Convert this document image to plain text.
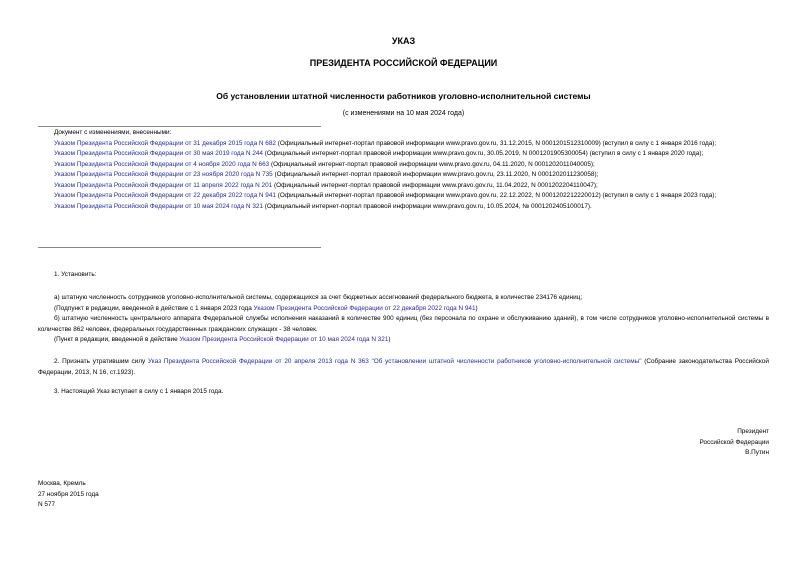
УКАЗ
ПРЕЗИДЕНТА РОССИЙСКОЙ ФЕДЕРАЦИИ
Об установлении штатной численности работников уголовно-исполнительной системы
(с изменениями на 10 мая 2024 года)
Документ с изменениями, внесенными:
Указом Президента Российской Федерации от 31 декабря 2015 года N 682 (Официальный интернет-портал правовой информации www.pravo.gov.ru, 31.12.2015, N 0001201512310009) (вступил в силу с 1 января 2016 года);
Указом Президента Российской Федерации от 30 мая 2019 года N 244 (Официальный интернет-портал правовой информации www.pravo.gov.ru, 30.05.2019, N 0001201905300054) (вступил в силу с 1 января 2020 года);
Указом Президента Российской Федерации от 4 ноября 2020 года N 663 (Официальный интернет-портал правовой информации www.pravo.gov.ru, 04.11.2020, N 0001202011040005);
Указом Президента Российской Федерации от 23 ноября 2020 года N 735 (Официальный интернет-портал правовой информации www.pravo.gov.ru, 23.11.2020, N 0001202011230058);
Указом Президента Российской Федерации от 11 апреля 2022 года N 201 (Официальный интернет-портал правовой информации www.pravo.gov.ru, 11.04.2022, N 0001202204110047);
Указом Президента Российской Федерации от 22 декабря 2022 года N 941 (Официальный интернет-портал правовой информации www.pravo.gov.ru, 22.12.2022, N 0001202212220012) (вступил в силу с 1 января 2023 года);
Указом Президента Российской Федерации от 10 мая 2024 года N 321 (Официальный интернет-портал правовой информации www.pravo.gov.ru, 10.05.2024, № 0001202405100017).
1. Установить:
а) штатную численность сотрудников уголовно-исполнительной системы, содержащихся за счет бюджетных ассигнований федерального бюджета, в количестве 234176 единиц;
(Подпункт в редакции, введенной в действие с 1 января 2023 года Указом Президента Российской Федерации от 22 декабря 2022 года N 941)
б) штатную численность центрального аппарата Федеральной службы исполнения наказаний в количестве 900 единиц (без персонала по охране и обслуживанию зданий), в том числе сотрудников уголовно-исполнительной системы в количестве 862 человек, федеральных государственных гражданских служащих - 38 человек.
(Пункт в редакции, введенной в действие Указом Президента Российской Федерации от 10 мая 2024 года N 321)
2. Признать утратившим силу Указ Президента Российской Федерации от 20 апреля 2013 года N 363 "Об установлении штатной численности работников уголовно-исполнительной системы" (Собрание законодательства Российской Федерации, 2013, N 16, ст.1923).
3. Настоящий Указ вступает в силу с 1 января 2015 года.
Президент
Российской Федерации
В.Путин
Москва, Кремль
27 ноября 2015 года
N 577
